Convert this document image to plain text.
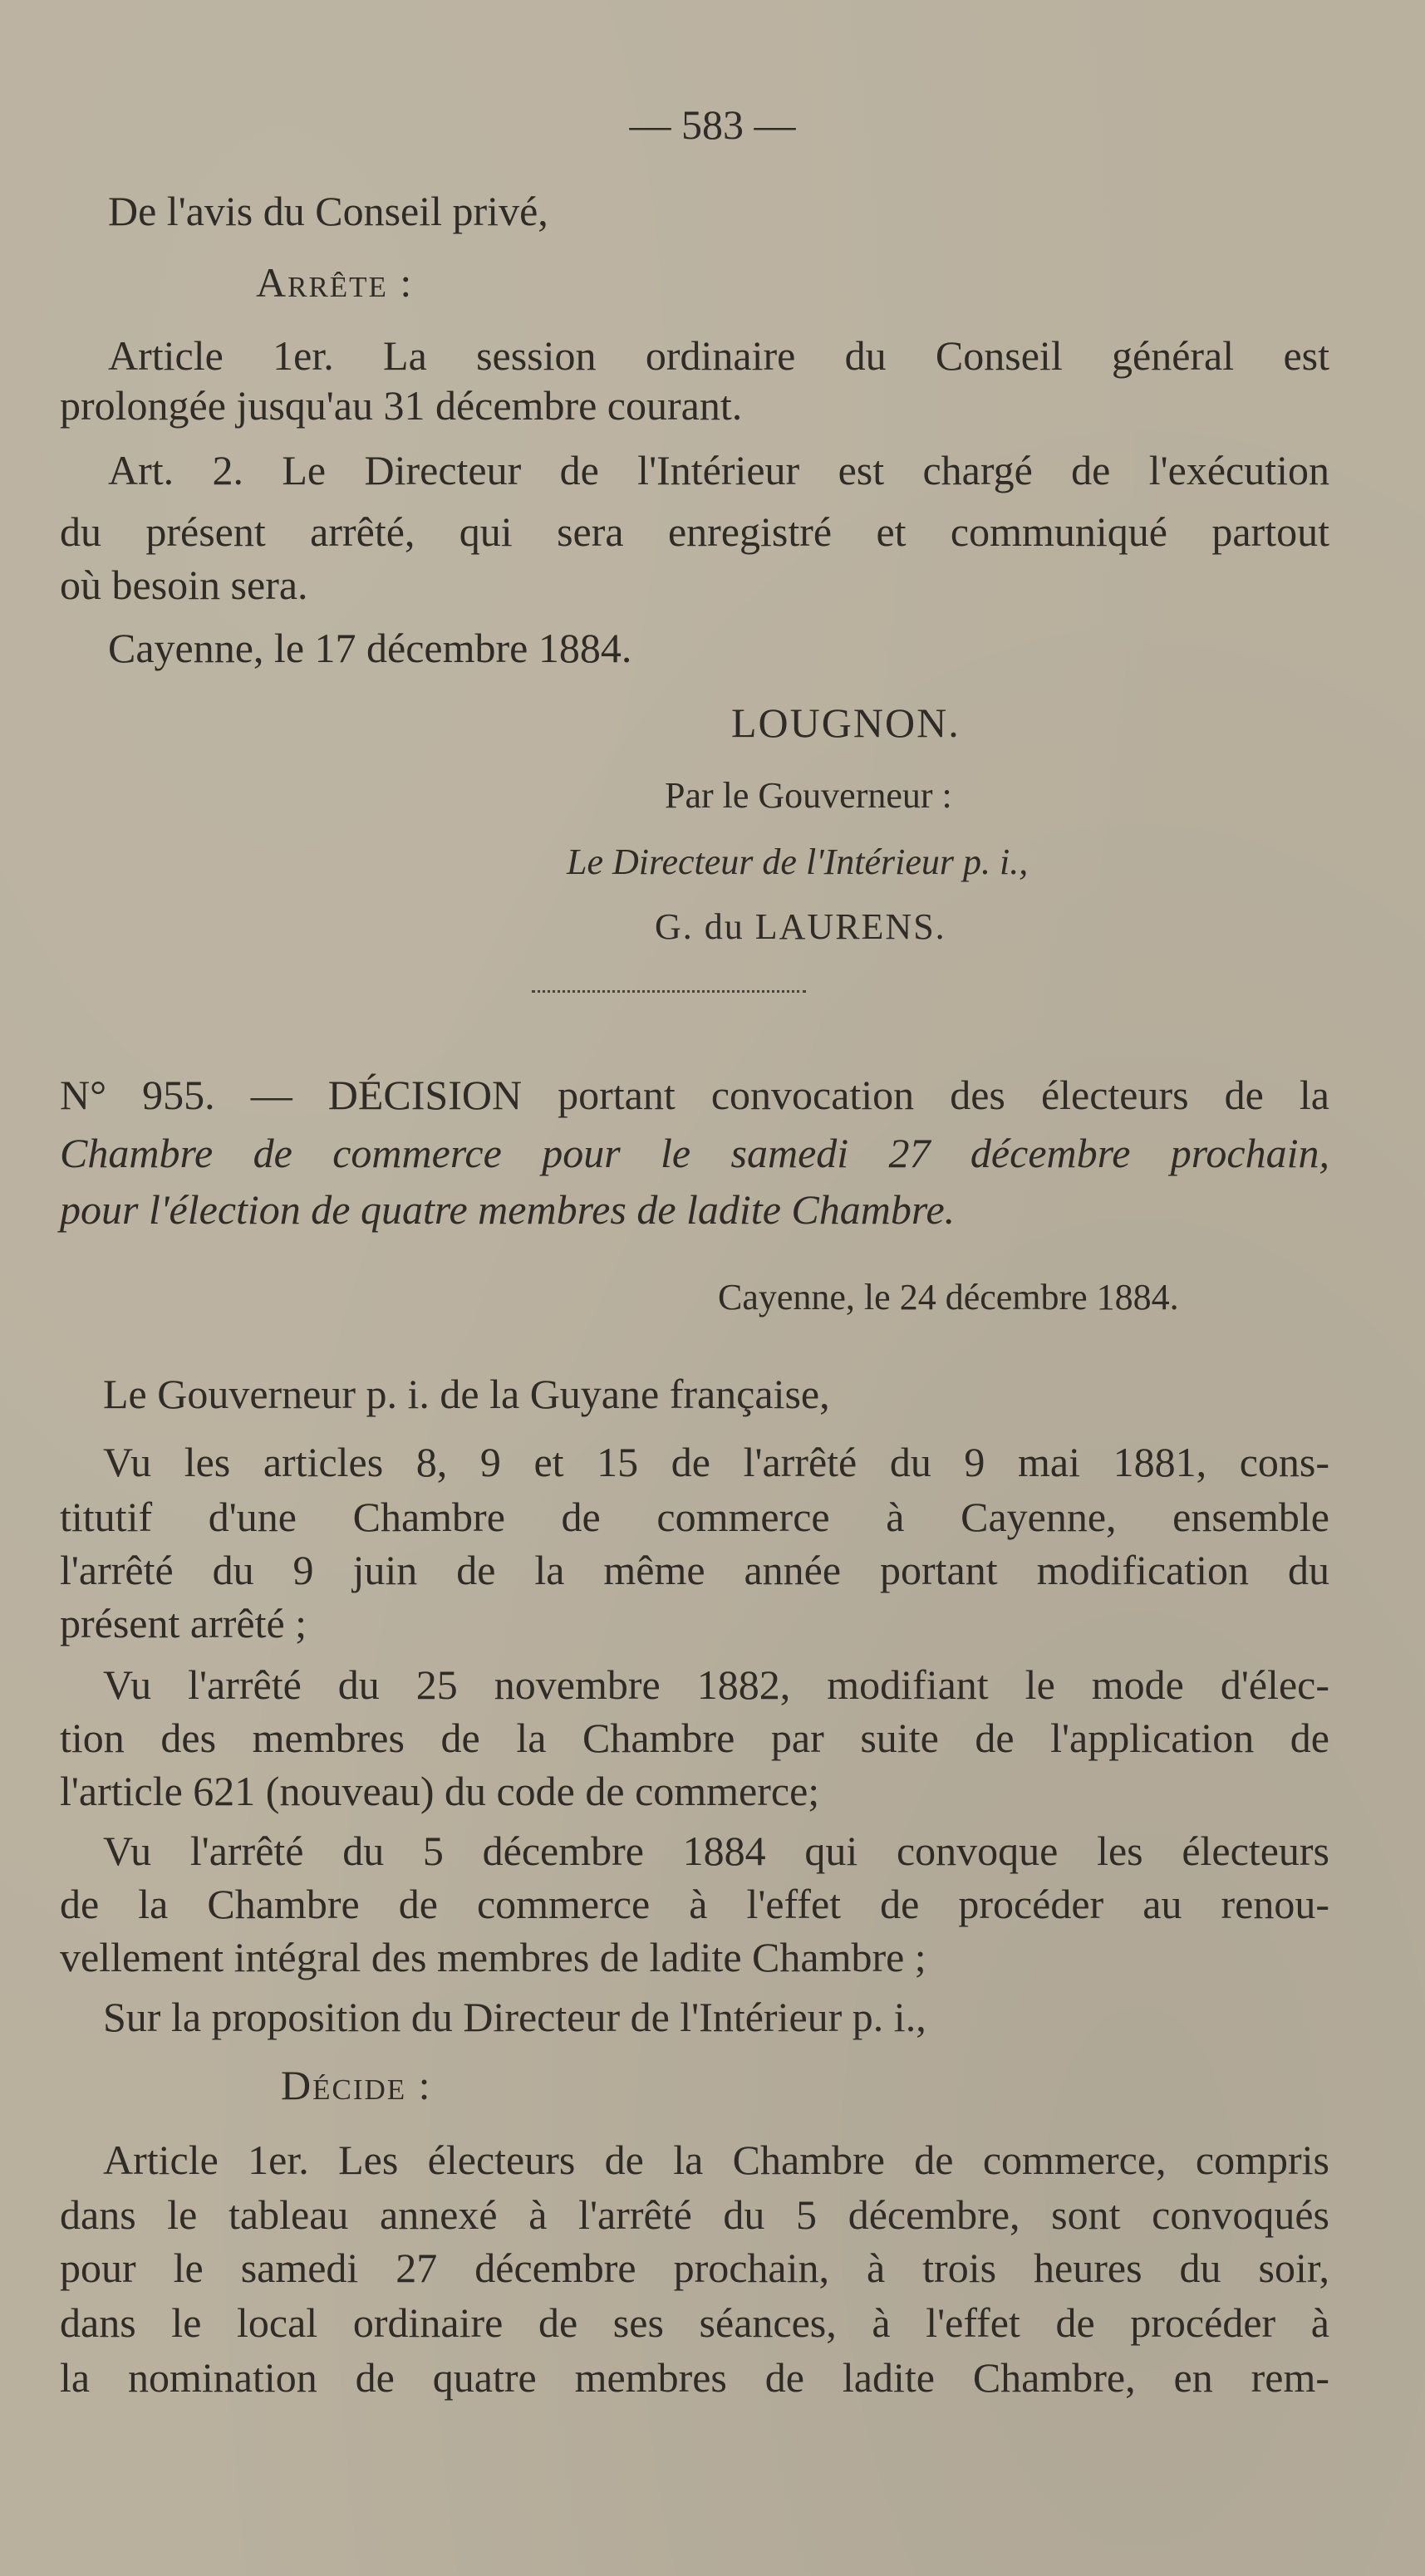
— 583 —
De l'avis du Conseil privé,
Arrête :
Article 1er. La session ordinaire du Conseil général est
prolongée jusqu'au 31 décembre courant.
Art. 2. Le Directeur de l'Intérieur est chargé de l'exécution
du présent arrêté, qui sera enregistré et communiqué partout
où besoin sera.
Cayenne, le 17 décembre 1884.
LOUGNON.
Par le Gouverneur :
Le Directeur de l'Intérieur p. i.,
G. du LAURENS.
N° 955. — DÉCISION portant convocation des électeurs de la
Chambre de commerce pour le samedi 27 décembre prochain,
pour l'élection de quatre membres de ladite Chambre.
Cayenne, le 24 décembre 1884.
Le Gouverneur p. i. de la Guyane française,
Vu les articles 8, 9 et 15 de l'arrêté du 9 mai 1881, cons-
titutif d'une Chambre de commerce à Cayenne, ensemble
l'arrêté du 9 juin de la même année portant modification du
présent arrêté ;
Vu l'arrêté du 25 novembre 1882, modifiant le mode d'élec-
tion des membres de la Chambre par suite de l'application de
l'article 621 (nouveau) du code de commerce;
Vu l'arrêté du 5 décembre 1884 qui convoque les électeurs
de la Chambre de commerce à l'effet de procéder au renou-
vellement intégral des membres de ladite Chambre ;
Sur la proposition du Directeur de l'Intérieur p. i.,
Décide :
Article 1er. Les électeurs de la Chambre de commerce, compris
dans le tableau annexé à l'arrêté du 5 décembre, sont convoqués
pour le samedi 27 décembre prochain, à trois heures du soir,
dans le local ordinaire de ses séances, à l'effet de procéder à
la nomination de quatre membres de ladite Chambre, en rem-
